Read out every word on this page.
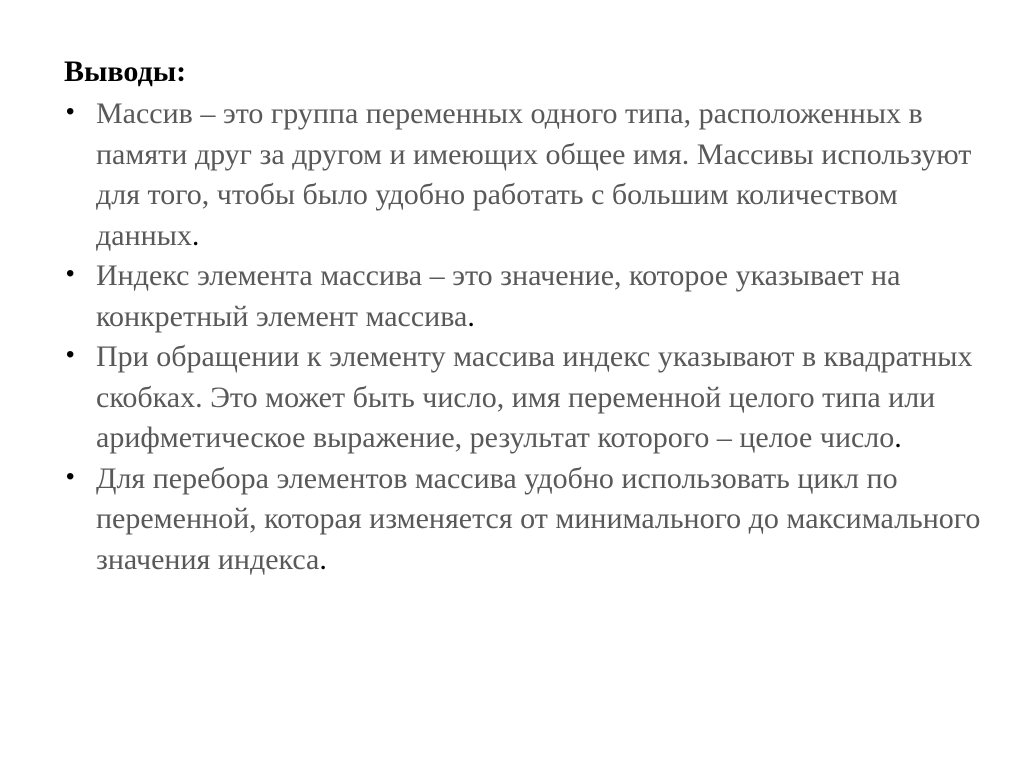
Выводы:
• Массив – это группа переменных одного типа, расположенных в памяти друг за другом и имеющих общее имя. Массивы используют для того, чтобы было удобно работать с большим количеством данных.
• Индекс элемента массива – это значение, которое указывает на конкретный элемент массива.
• При обращении к элементу массива индекс указывают в квадратных скобках. Это может быть число, имя переменной целого типа или арифметическое выражение, результат которого – целое число.
• Для перебора элементов массива удобно использовать цикл по переменной, которая изменяется от минимального до максимального значения индекса.
